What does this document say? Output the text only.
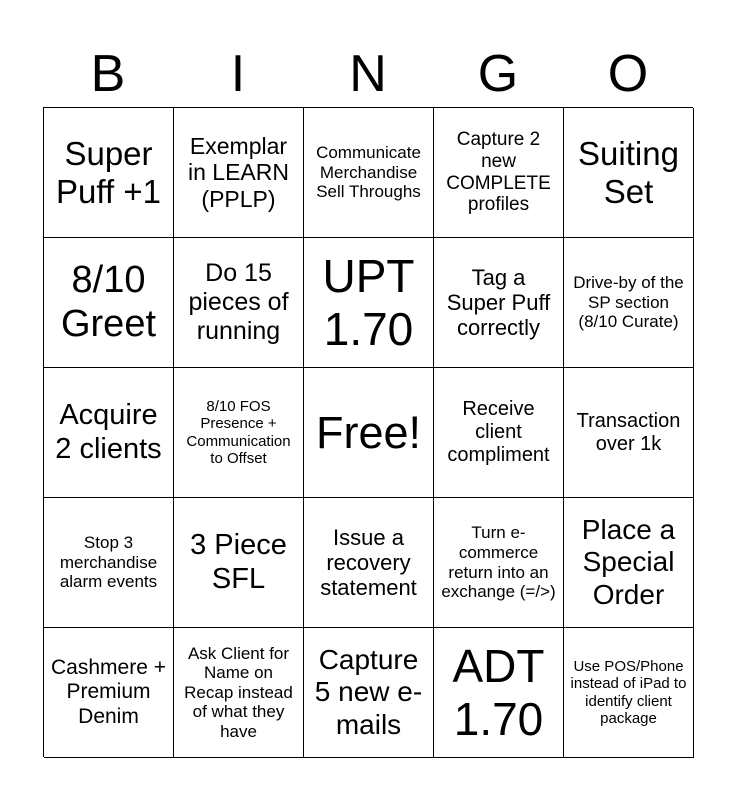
B	I	N	G	O
Super Puff +1
Exemplar in LEARN (PPLP)
Communicate Merchandise Sell Throughs
Capture 2 new COMPLETE profiles
Suiting Set
8/10 Greet
Do 15 pieces of running
UPT 1.70
Tag a Super Puff correctly
Drive-by of the SP section (8/10 Curate)
Acquire 2 clients
8/10 FOS Presence + Communication to Offset
Free!	Receive client compliment
Transaction over 1k
Stop 3 merchandise alarm events
3 Piece SFL
Issue a recovery statement
Turn e-commerce return into an exchange (=/>)
Place a Special Order
Cashmere + Premium Denim
Ask Client for Name on Recap instead of what they have
Capture 5 new e-mails
ADT 1.70
Use POS/Phone instead of iPad to identify client package
